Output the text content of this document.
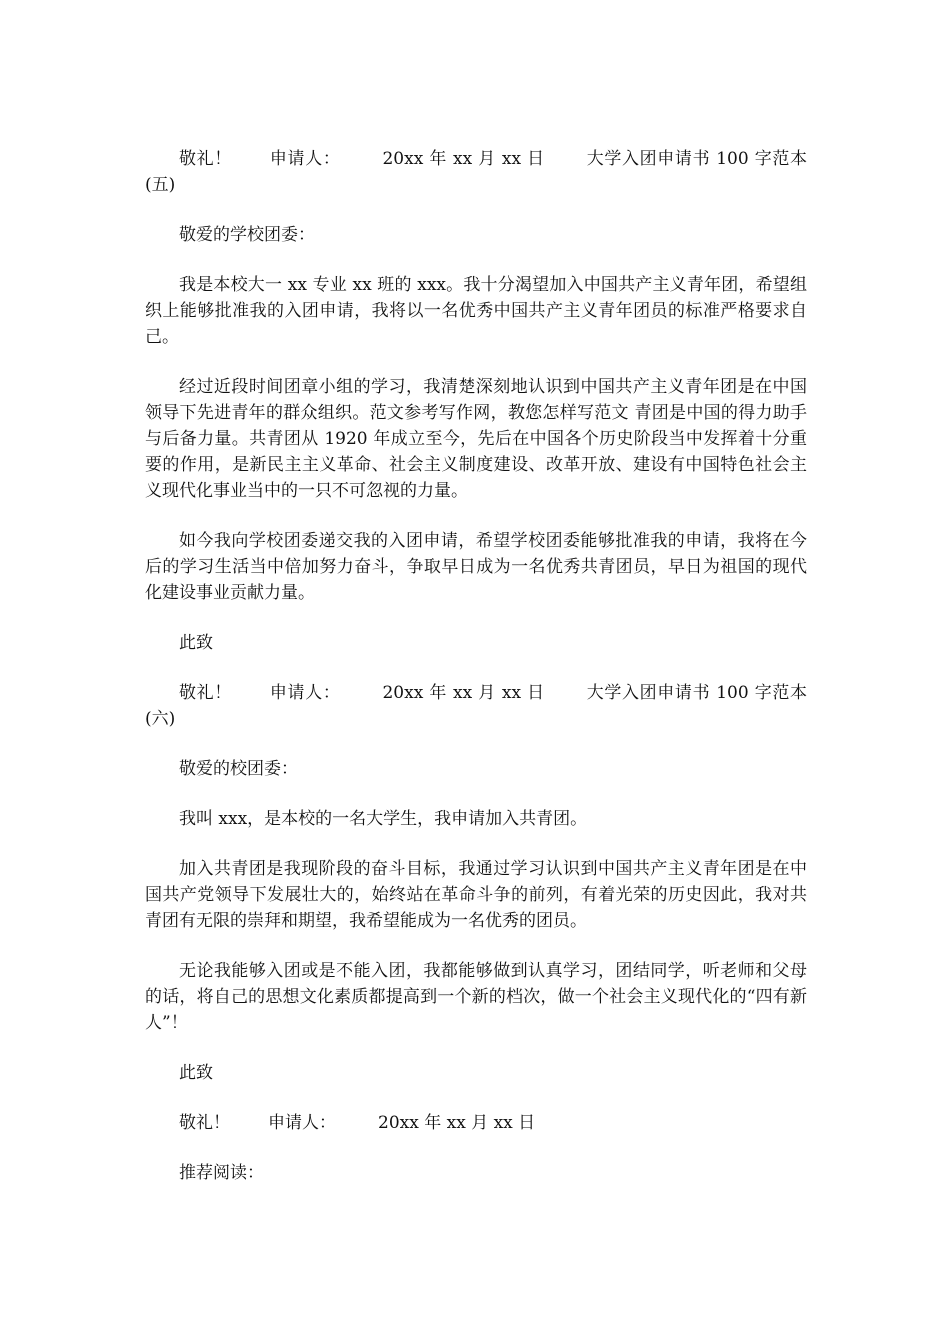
敬礼！ 申请人： 20xx 年 xx 月 xx 日 大学入团申请书 100 字范本(五)

敬爱的学校团委：

我是本校大一 xx 专业 xx 班的 xxx。我十分渴望加入中国共产主义青年团，希望组织上能够批准我的入团申请，我将以一名优秀中国共产主义青年团员的标准严格要求自己。

经过近段时间团章小组的学习，我清楚深刻地认识到中国共产主义青年团是在中国领导下先进青年的群众组织。范文参考写作网，教您怎样写范文 青团是中国的得力助手与后备力量。共青团从 1920 年成立至今，先后在中国各个历史阶段当中发挥着十分重要的作用，是新民主主义革命、社会主义制度建设、改革开放、建设有中国特色社会主义现代化事业当中的一只不可忽视的力量。

如今我向学校团委递交我的入团申请，希望学校团委能够批准我的申请，我将在今后的学习生活当中倍加努力奋斗，争取早日成为一名优秀共青团员，早日为祖国的现代化建设事业贡献力量。

此致

敬礼！ 申请人： 20xx 年 xx 月 xx 日 大学入团申请书 100 字范本(六)

敬爱的校团委：

我叫 xxx，是本校的一名大学生，我申请加入共青团。

加入共青团是我现阶段的奋斗目标，我通过学习认识到中国共产主义青年团是在中国共产党领导下发展壮大的，始终站在革命斗争的前列，有着光荣的历史因此，我对共青团有无限的崇拜和期望，我希望能成为一名优秀的团员。

无论我能够入团或是不能入团，我都能够做到认真学习，团结同学，听老师和父母的话，将自己的思想文化素质都提高到一个新的档次，做一个社会主义现代化的“四有新人”！

此致

敬礼！ 申请人： 20xx 年 xx 月 xx 日

推荐阅读：
